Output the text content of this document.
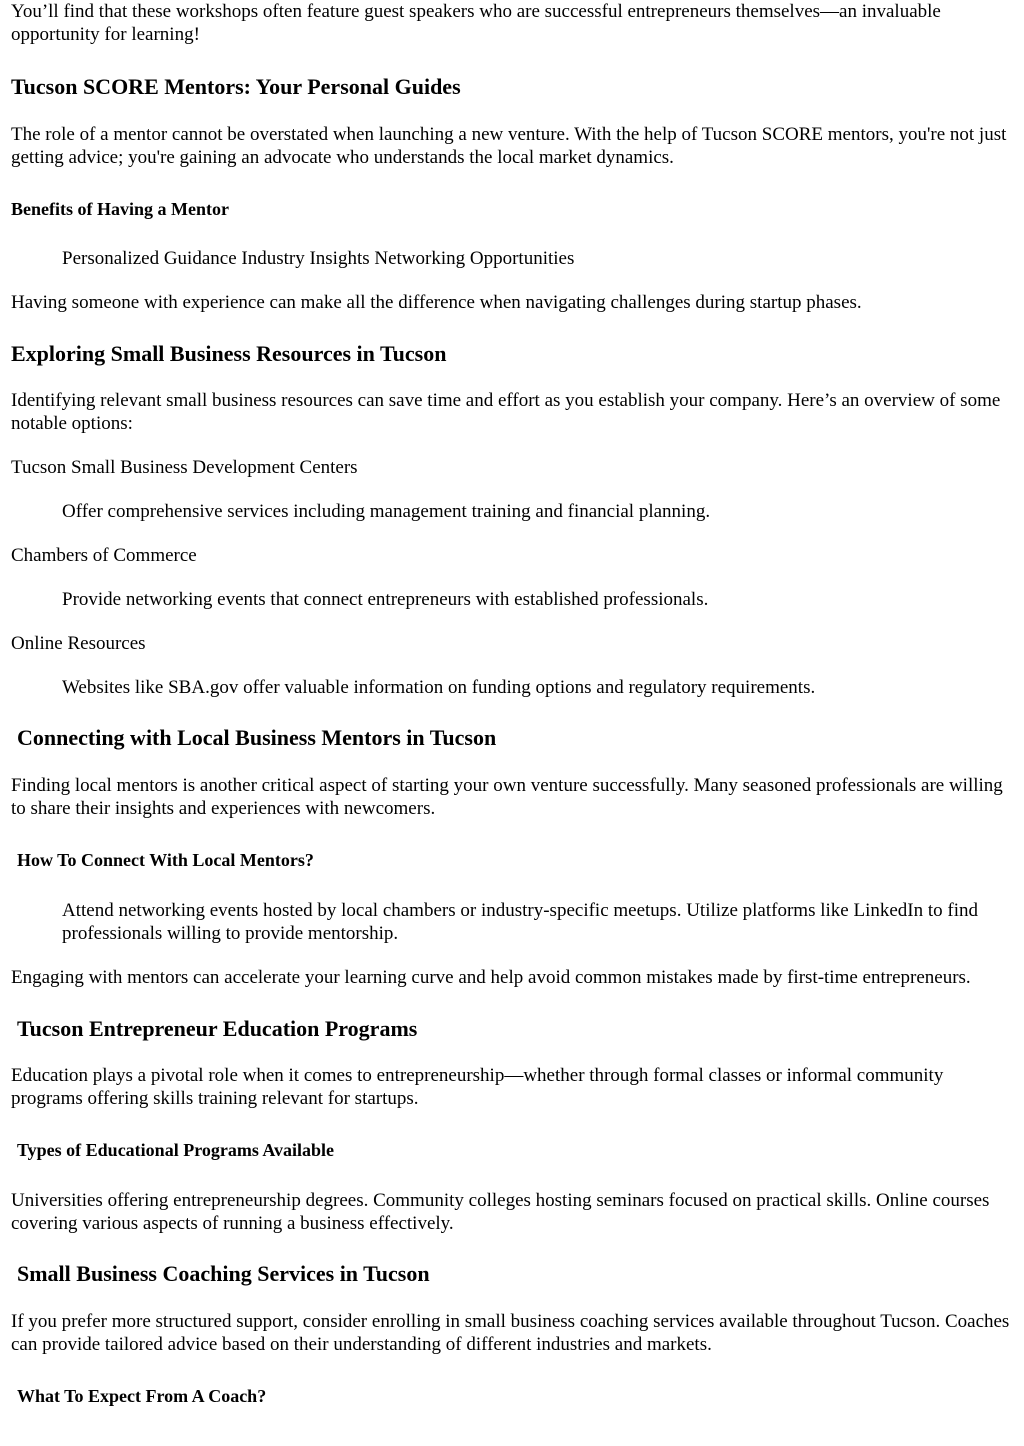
You’ll find that these workshops often feature guest speakers who are successful entrepreneurs themselves—an invaluable opportunity for learning!

Tucson SCORE Mentors: Your Personal Guides

The role of a mentor cannot be overstated when launching a new venture. With the help of Tucson SCORE mentors, you're not just getting advice; you're gaining an advocate who understands the local market dynamics.

Benefits of Having a Mentor

Personalized Guidance Industry Insights Networking Opportunities

Having someone with experience can make all the difference when navigating challenges during startup phases.

Exploring Small Business Resources in Tucson

Identifying relevant small business resources can save time and effort as you establish your company. Here’s an overview of some notable options:

Tucson Small Business Development Centers

Offer comprehensive services including management training and financial planning.

Chambers of Commerce

Provide networking events that connect entrepreneurs with established professionals.

Online Resources

Websites like SBA.gov offer valuable information on funding options and regulatory requirements.

Connecting with Local Business Mentors in Tucson

Finding local mentors is another critical aspect of starting your own venture successfully. Many seasoned professionals are willing to share their insights and experiences with newcomers.

How To Connect With Local Mentors?

Attend networking events hosted by local chambers or industry-specific meetups. Utilize platforms like LinkedIn to find professionals willing to provide mentorship.

Engaging with mentors can accelerate your learning curve and help avoid common mistakes made by first-time entrepreneurs.

Tucson Entrepreneur Education Programs

Education plays a pivotal role when it comes to entrepreneurship—whether through formal classes or informal community programs offering skills training relevant for startups.

Types of Educational Programs Available

Universities offering entrepreneurship degrees. Community colleges hosting seminars focused on practical skills. Online courses covering various aspects of running a business effectively.

Small Business Coaching Services in Tucson

If you prefer more structured support, consider enrolling in small business coaching services available throughout Tucson. Coaches can provide tailored advice based on their understanding of different industries and markets.

What To Expect From A Coach?
